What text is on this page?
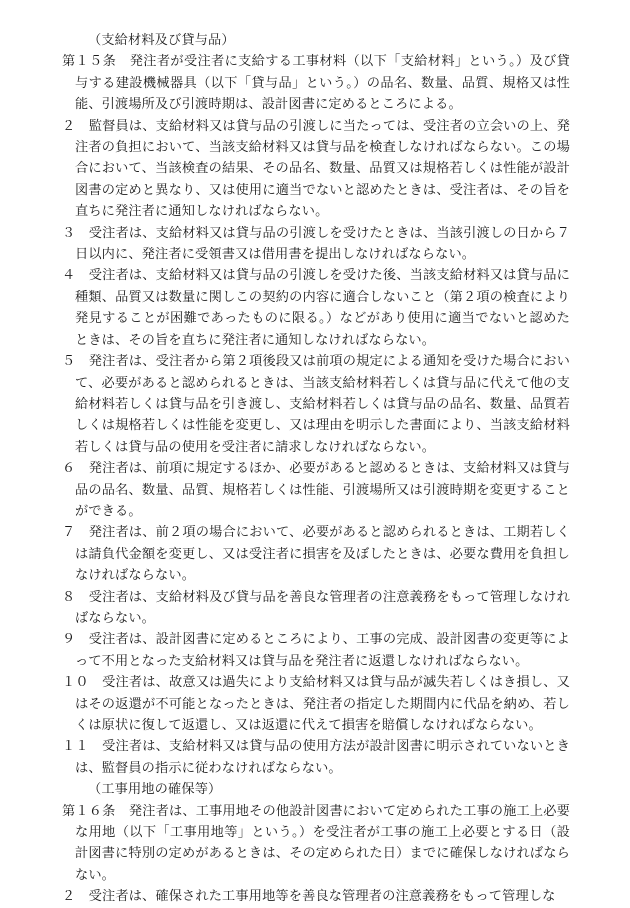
（支給材料及び貸与品）
第１５条　発注者が受注者に支給する工事材料（以下「支給材料」という。）及び貸与する建設機械器具（以下「貸与品」という。）の品名、数量、品質、規格又は性能、引渡場所及び引渡時期は、設計図書に定めるところによる。
２　監督員は、支給材料又は貸与品の引渡しに当たっては、受注者の立会いの上、発注者の負担において、当該支給材料又は貸与品を検査しなければならない。この場合において、当該検査の結果、その品名、数量、品質又は規格若しくは性能が設計図書の定めと異なり、又は使用に適当でないと認めたときは、受注者は、その旨を直ちに発注者に通知しなければならない。
３　受注者は、支給材料又は貸与品の引渡しを受けたときは、当該引渡しの日から７日以内に、発注者に受領書又は借用書を提出しなければならない。
４　受注者は、支給材料又は貸与品の引渡しを受けた後、当該支給材料又は貸与品に種類、品質又は数量に関しこの契約の内容に適合しないこと（第２項の検査により発見することが困難であったものに限る。）などがあり使用に適当でないと認めたときは、その旨を直ちに発注者に通知しなければならない。
５　発注者は、受注者から第２項後段又は前項の規定による通知を受けた場合において、必要があると認められるときは、当該支給材料若しくは貸与品に代えて他の支給材料若しくは貸与品を引き渡し、支給材料若しくは貸与品の品名、数量、品質若しくは規格若しくは性能を変更し、又は理由を明示した書面により、当該支給材料若しくは貸与品の使用を受注者に請求しなければならない。
６　発注者は、前項に規定するほか、必要があると認めるときは、支給材料又は貸与品の品名、数量、品質、規格若しくは性能、引渡場所又は引渡時期を変更することができる。
７　発注者は、前２項の場合において、必要があると認められるときは、工期若しくは請負代金額を変更し、又は受注者に損害を及ぼしたときは、必要な費用を負担しなければならない。
８　受注者は、支給材料及び貸与品を善良な管理者の注意義務をもって管理しなければならない。
９　受注者は、設計図書に定めるところにより、工事の完成、設計図書の変更等によって不用となった支給材料又は貸与品を発注者に返還しなければならない。
１０　受注者は、故意又は過失により支給材料又は貸与品が滅失若しくはき損し、又はその返還が不可能となったときは、発注者の指定した期間内に代品を納め、若しくは原状に復して返還し、又は返還に代えて損害を賠償しなければならない。
１１　受注者は、支給材料又は貸与品の使用方法が設計図書に明示されていないときは、監督員の指示に従わなければならない。
（工事用地の確保等）
第１６条　発注者は、工事用地その他設計図書において定められた工事の施工上必要な用地（以下「工事用地等」という。）を受注者が工事の施工上必要とする日（設計図書に特別の定めがあるときは、その定められた日）までに確保しなければならない。
２　受注者は、確保された工事用地等を善良な管理者の注意義務をもって管理しな
